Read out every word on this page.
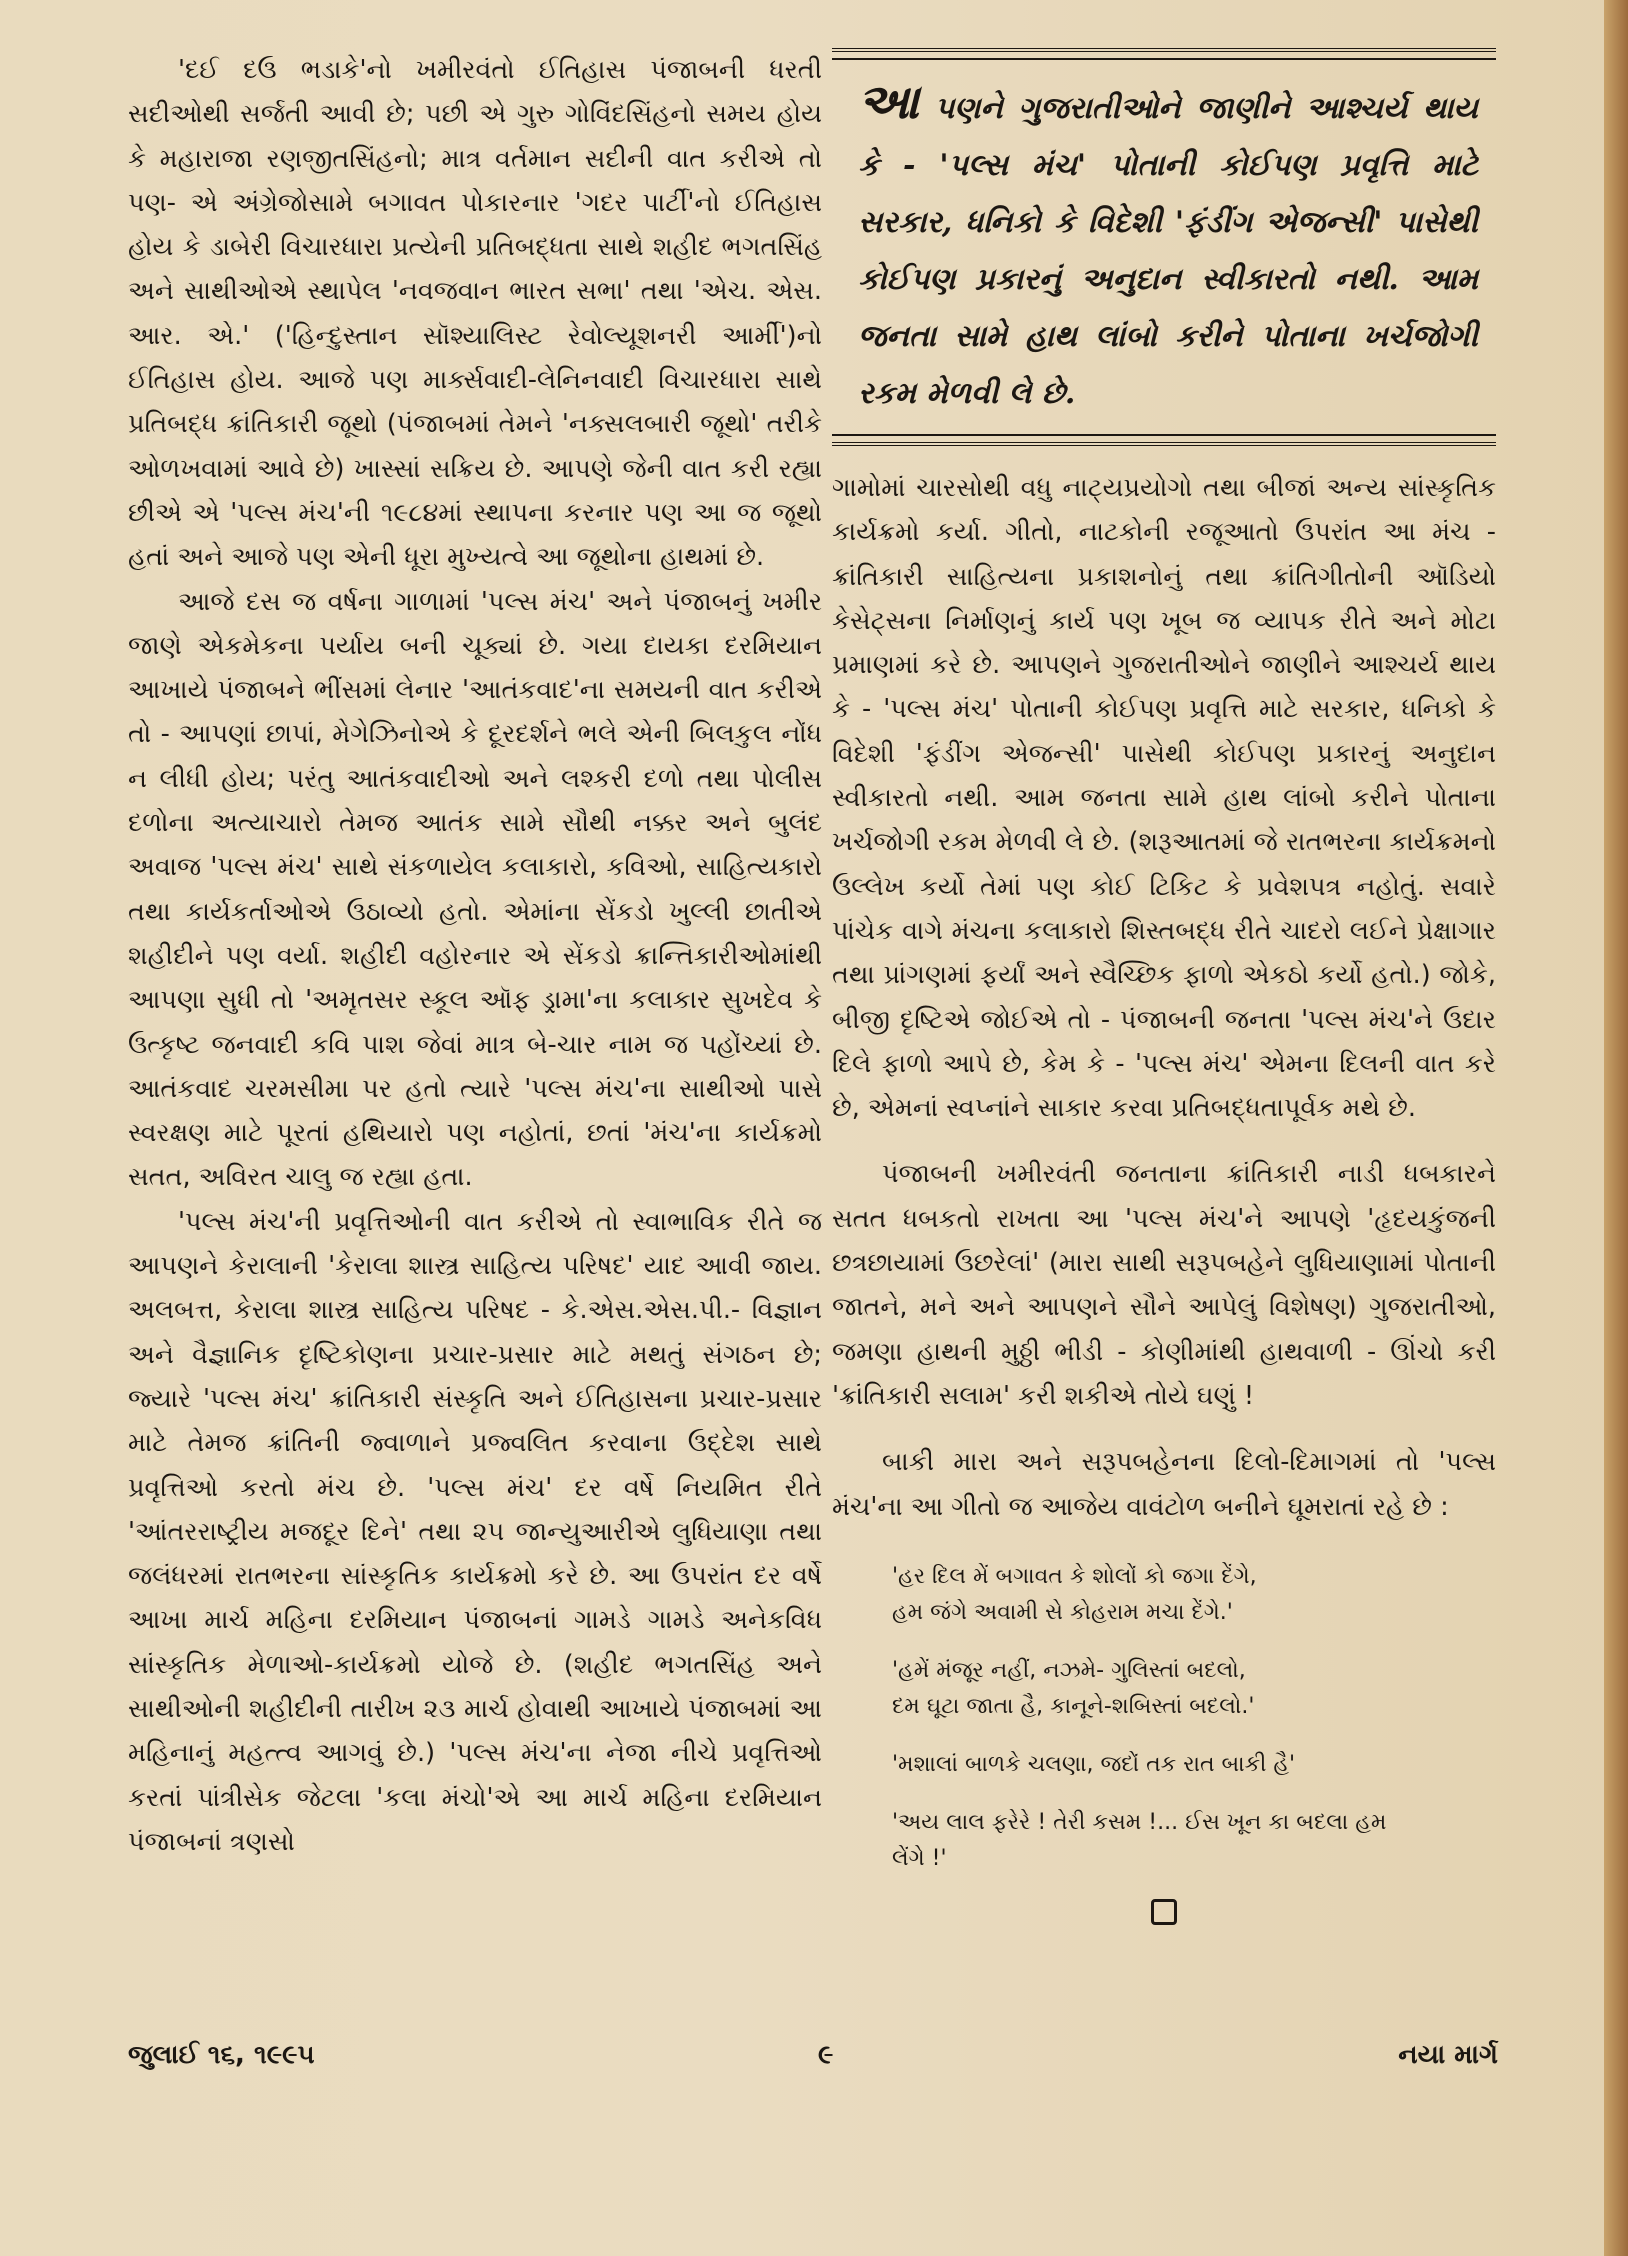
'દઈ દઉ ભડાકે'નો ખમીરવંતો ઈતિહાસ પંજાબની ધરતી સદીઓથી સર્જતી આવી છે; પછી એ ગુરુ ગોવિંદસિંહનો સમય હોય કે મહારાજા રણજીતસિંહનો; માત્ર વર્તમાન સદીની વાત કરીએ તો પણ- એ અંગ્રેજોસામે બગાવત પોકારનાર 'ગદર પાર્ટી'નો ઈતિહાસ હોય કે ડાબેરી વિચારધારા પ્રત્યેની પ્રતિબદ્ધતા સાથે શહીદ ભગતસિંહ અને સાથીઓએ સ્થાપેલ 'નવજવાન ભારત સભા' તથા 'એચ. એસ. આર. એ.' ('હિન્દુસ્તાન સૉશ્યાલિસ્ટ રેવોલ્યૂશનરી આર્મી')નો ઈતિહાસ હોય. આજે પણ માર્ક્સવાદી-લેનિનવાદી વિચારધારા સાથે પ્રતિબદ્ધ ક્રાંતિકારી જૂથો (પંજાબમાં તેમને 'નક્સલબારી જૂથો' તરીકે ઓળખવામાં આવે છે) ખાસ્સાં સક્રિય છે. આપણે જેની વાત કરી રહ્યા છીએ એ 'પલ્સ મંચ'ની ૧૯૮૪માં સ્થાપના કરનાર પણ આ જ જૂથો હતાં અને આજે પણ એની ધૂરા મુખ્યત્વે આ જૂથોના હાથમાં છે.

આજે દસ જ વર્ષના ગાળામાં 'પલ્સ મંચ' અને પંજાબનું ખમીર જાણે એકમેકના પર્યાય બની ચૂક્યાં છે. ગયા દાયકા દરમિયાન આખાયે પંજાબને ભીંસમાં લેનાર 'આતંકવાદ'ના સમયની વાત કરીએ તો - આપણાં છાપાં, મેગેઝિનોએ કે દૂરદર્શને ભલે એની બિલકુલ નોંધ ન લીધી હોય; પરંતુ આતંકવાદીઓ અને લશ્કરી દળો તથા પોલીસ દળોના અત્યાચારો તેમજ આતંક સામે સૌથી નક્કર અને બુલંદ અવાજ 'પલ્સ મંચ' સાથે સંકળાયેલ કલાકારો, કવિઓ, સાહિત્યકારો તથા કાર્યકર્તાઓએ ઉઠાવ્યો હતો. એમાંના સેંકડો ખુલ્લી છાતીએ શહીદીને પણ વર્યા. શહીદી વહોરનાર એ સેંકડો ક્રાન્તિકારીઓમાંથી આપણા સુધી તો 'અમૃતસર સ્કૂલ ઑફ ડ્રામા'ના કલાકાર સુખદેવ કે ઉત્કૃષ્ટ જનવાદી કવિ પાશ જેવાં માત્ર બે-ચાર નામ જ પહોંચ્યાં છે. આતંકવાદ ચરમસીમા પર હતો ત્યારે 'પલ્સ મંચ'ના સાથીઓ પાસે સ્વરક્ષણ માટે પૂરતાં હથિયારો પણ નહોતાં, છતાં 'મંચ'ના કાર્યક્રમો સતત, અવિરત ચાલુ જ રહ્યા હતા.

'પલ્સ મંચ'ની પ્રવૃત્તિઓની વાત કરીએ તો સ્વાભાવિક રીતે જ આપણને કેરાલાની 'કેરાલા શાસ્ત્ર સાહિત્ય પરિષદ' યાદ આવી જાય. અલબત્ત, કેરાલા શાસ્ત્ર સાહિત્ય પરિષદ - કે.એસ.એસ.પી.- વિજ્ઞાન અને વૈજ્ઞાનિક દૃષ્ટિકોણના પ્રચાર-પ્રસાર માટે મથતું સંગઠન છે; જ્યારે 'પલ્સ મંચ' ક્રાંતિકારી સંસ્કૃતિ અને ઈતિહાસના પ્રચાર-પ્રસાર માટે તેમજ ક્રાંતિની જ્વાળાને પ્રજ્વલિત કરવાના ઉદ્દેશ સાથે પ્રવૃત્તિઓ કરતો મંચ છે. 'પલ્સ મંચ' દર વર્ષે નિયમિત રીતે 'આંતરરાષ્ટ્રીય મજદૂર દિને' તથા ૨૫ જાન્યુઆરીએ લુધિયાણા તથા જલંધરમાં રાતભરના સાંસ્કૃતિક કાર્યક્રમો કરે છે. આ ઉપરાંત દર વર્ષે આખા માર્ચ મહિના દરમિયાન પંજાબનાં ગામડે ગામડે અનેકવિધ સાંસ્કૃતિક મેળાઓ-કાર્યક્રમો યોજે છે. (શહીદ ભગતસિંહ અને સાથીઓની શહીદીની તારીખ ૨૩ માર્ચ હોવાથી આખાયે પંજાબમાં આ મહિનાનું મહત્ત્વ આગવું છે.) 'પલ્સ મંચ'ના નેજા નીચે પ્રવૃત્તિઓ કરતાં પાંત્રીસેક જેટલા 'કલા મંચો'એ આ માર્ચ મહિના દરમિયાન પંજાબનાં ત્રણસો

આ પણને ગુજરાતીઓને જાણીને આશ્ચર્ય થાય કે - 'પલ્સ મંચ' પોતાની કોઈપણ પ્રવૃત્તિ માટે સરકાર, ધનિકો કે વિદેશી 'ફંડીંગ એજન્સી' પાસેથી કોઈપણ પ્રકારનું અનુદાન સ્વીકારતો નથી. આમ જનતા સામે હાથ લાંબો કરીને પોતાના ખર્ચજોગી રકમ મેળવી લે છે.

ગામોમાં ચારસોથી વધુ નાટ્યપ્રયોગો તથા બીજાં અન્ય સાંસ્કૃતિક કાર્યક્રમો કર્યા. ગીતો, નાટકોની રજૂઆતો ઉપરાંત આ મંચ - ક્રાંતિકારી સાહિત્યના પ્રકાશનોનું તથા ક્રાંતિગીતોની ઑડિયો કેસેટ્સના નિર્માણનું કાર્ય પણ ખૂબ જ વ્યાપક રીતે અને મોટા પ્રમાણમાં કરે છે. આપણને ગુજરાતીઓને જાણીને આશ્ચર્ય થાય કે - 'પલ્સ મંચ' પોતાની કોઈપણ પ્રવૃત્તિ માટે સરકાર, ધનિકો કે વિદેશી 'ફંડીંગ એજન્સી' પાસેથી કોઈપણ પ્રકારનું અનુદાન સ્વીકારતો નથી. આમ જનતા સામે હાથ લાંબો કરીને પોતાના ખર્ચજોગી રકમ મેળવી લે છે. (શરૂઆતમાં જે રાતભરના કાર્યક્રમનો ઉલ્લેખ કર્યો તેમાં પણ કોઈ ટિકિટ કે પ્રવેશપત્ર નહોતું. સવારે પાંચેક વાગે મંચના કલાકારો શિસ્તબદ્ધ રીતે ચાદરો લઈને પ્રેક્ષાગાર તથા પ્રાંગણમાં ફર્યાં અને સ્વૈચ્છિક ફાળો એકઠો કર્યો હતો.) જોકે, બીજી દૃષ્ટિએ જોઈએ તો - પંજાબની જનતા 'પલ્સ મંચ'ને ઉદાર દિલે ફાળો આપે છે, કેમ કે - 'પલ્સ મંચ' એમના દિલની વાત કરે છે, એમનાં સ્વપ્નાંને સાકાર કરવા પ્રતિબદ્ધતાપૂર્વક મથે છે.

પંજાબની ખમીરવંતી જનતાના ક્રાંતિકારી નાડી ધબકારને સતત ધબકતો રાખતા આ 'પલ્સ મંચ'ને આપણે 'હૃદયકુંજની છત્રછાયામાં ઉછરેલાં' (મારા સાથી સરૂપબહેને લુધિયાણામાં પોતાની જાતને, મને અને આપણને સૌને આપેલું વિશેષણ) ગુજરાતીઓ, જમણા હાથની મુઠ્ઠી ભીડી - કોણીમાંથી હાથવાળી - ઊંચો કરી 'ક્રાંતિકારી સલામ' કરી શકીએ તોયે ઘણું !

બાકી મારા અને સરૂપબહેનના દિલો-દિમાગમાં તો 'પલ્સ મંચ'ના આ ગીતો જ આજેય વાવંટોળ બનીને ઘૂમરાતાં રહે છે :

'હર દિલ મેં બગાવત કે શોલોં કો જગા દેંગે,
હમ જંગે અવામી સે કોહરામ મચા દેંગે.'
'હમેં મંજૂર નહીં, નઝમે- ગુલિસ્તાં બદલો,
દમ ઘૂટા જાતા હૈ, કાનૂને-શબિસ્તાં બદલો.'
'મશાલાં બાળકે ચલણા, જદોં તક રાત બાકી હૈ'
'અય લાલ ફરેરે ! તેરી કસમ !... ઈસ ખૂન કા બદલા હમ
લેંગે !'
જુલાઈ ૧૬, ૧૯૯૫	૯	નયા માર્ગ
